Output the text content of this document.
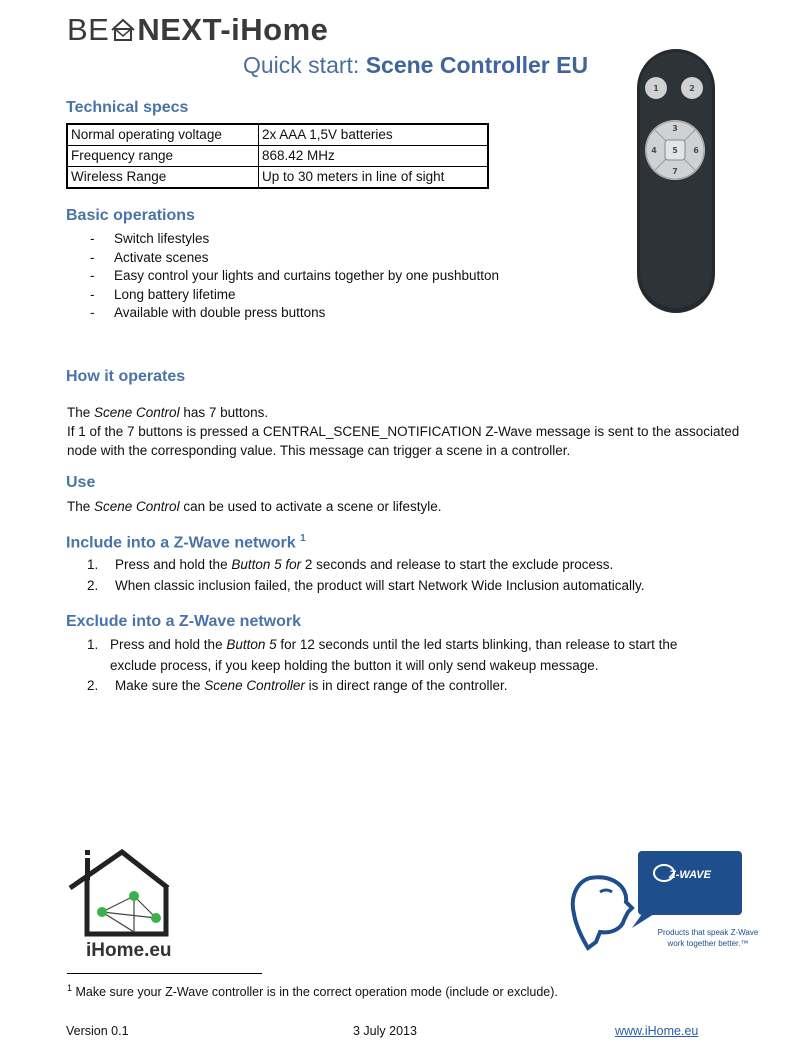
BE NEXT-iHome
Quick start: Scene Controller EU
1	2
3
4 5 6
7
Technical specs
Normal operating voltage	2x AAA 1,5V batteries
Frequency range	868.42 MHz
Wireless Range	Up to 30 meters in line of sight
Basic operations
- Switch lifestyles
- Activate scenes
- Easy control your lights and curtains together by one pushbutton
- Long battery lifetime
- Available with double press buttons
How it operates
The Scene Control has 7 buttons.
If 1 of the 7 buttons is pressed a CENTRAL_SCENE_NOTIFICATION Z-Wave message is sent to the associated
node with the corresponding value. This message can trigger a scene in a controller.
Use
The Scene Control can be used to activate a scene or lifestyle.
Include into a Z-Wave network $^1$
1. Press and hold the Button 5 for 2 seconds and release to start the exclude process.
2. When classic inclusion failed, the product will start Network Wide Inclusion automatically.
Exclude into a Z-Wave network
1. Press and hold the Button 5 for 12 seconds until the led starts blinking, than release to start the
exclude process, if you keep holding the button it will only send wakeup message.
2. Make sure the Scene Controller is in direct range of the controller.
iHome.eu
Z-WAVE
Products that speak Z-Wave
work together better.™
$^1$ Make sure your Z-Wave controller is in the correct operation mode (include or exclude).
Version 0.1	3 July 2013	www.iHome.eu
